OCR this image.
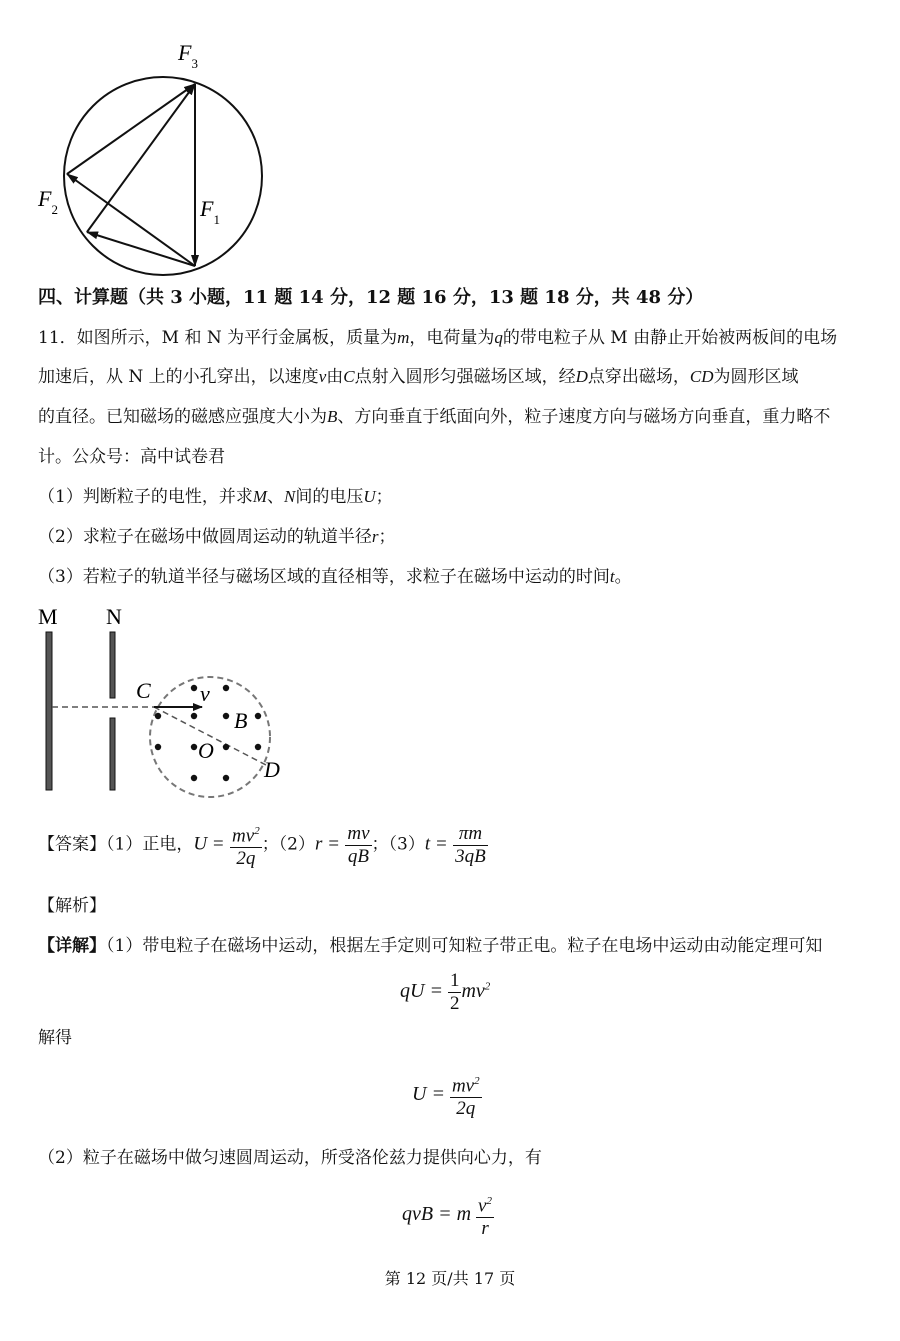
$F_3$
$F_2$	$F_1$
四、计算题（共 3 小题，11 题 14 分，12 题 16 分，13 题 18 分，共 48 分）
11．如图所示，M 和 N 为平行金属板，质量为m，电荷量为q的带电粒子从 M 由静止开始被两板间的电场
加速后，从 N 上的小孔穿出，以速度v由C点射入圆形匀强磁场区域，经D点穿出磁场，CD为圆形区域
的直径。已知磁场的磁感应强度大小为B、方向垂直于纸面向外，粒子速度方向与磁场方向垂直，重力略不
计。公众号：高中试卷君
（1）判断粒子的电性，并求M、N间的电压U；
（2）求粒子在磁场中做圆周运动的轨道半径r；
（3）若粒子的轨道半径与磁场区域的直径相等，求粒子在磁场中运动的时间t。
M N
C v
B
O
D
【答案】（1）正电，$U = \frac{mv^2}{2q}$ ；$(2)r = \frac{mv}{qB}$ ；$(3)t = \frac{\pi m}{3qB}$
【解析】
【详解】（1）带电粒子在磁场中运动，根据左手定则可知粒子带正电。粒子在电场中运动由动能定理可知
qU = $\frac{1}{2} mv^2$
解得
$U = \frac{mv^2}{2q}$
（2）粒子在磁场中做匀速圆周运动，所受洛伦兹力提供向心力，有
qvB = m $\frac{v^2}{r}$
第 12 页/共 17 页
